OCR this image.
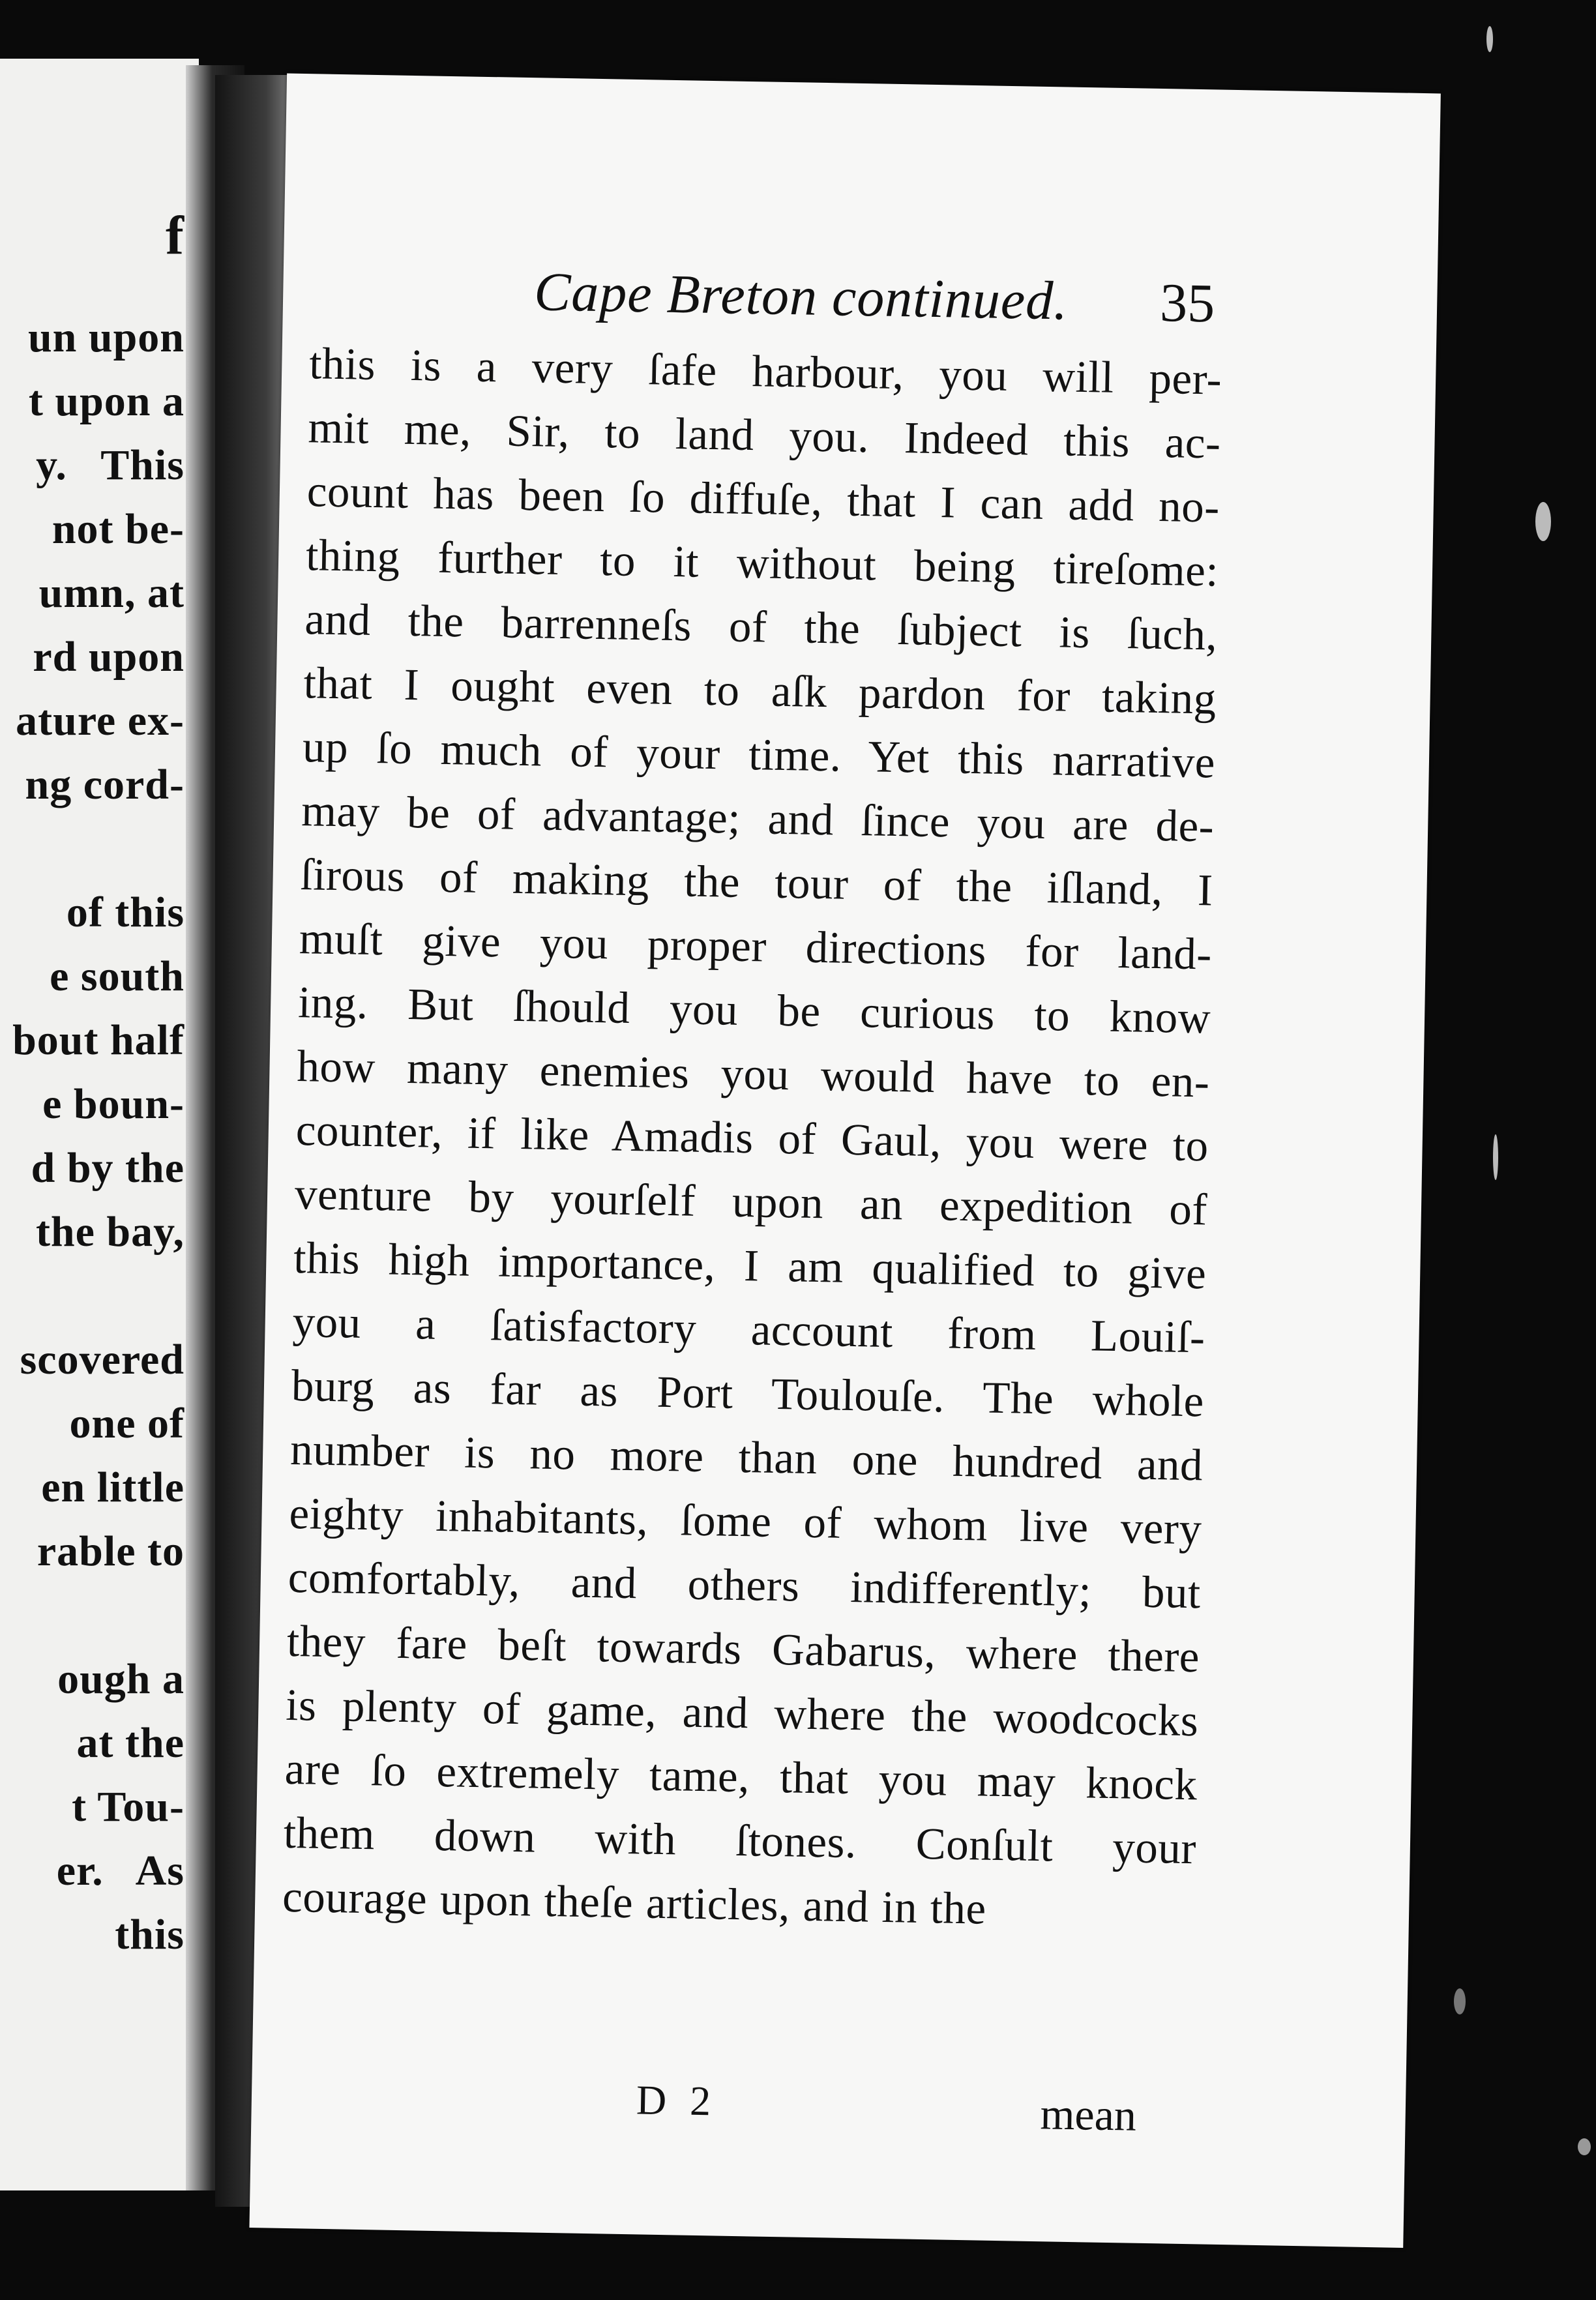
f
un upon
t upon a
y.   This
not be-
umn, at
rd upon
ature ex-
ng cord-
of this
e south
bout half
e boun-
d by the
the bay,
scovered
one of
en little
rable to
ough a
at the
t Tou-
er.   As
this
Cape Breton continued. 35
this is a very ſafe harbour, you will per-
mit me, Sir, to land you. Indeed this ac-
count has been ſo diffuſe, that I can add no-
thing further to it without being tireſome:
and the barrenneſs of the ſubject is ſuch,
that I ought even to aſk pardon for taking
up ſo much of your time. Yet this narrative
may be of advantage; and ſince you are de-
ſirous of making the tour of the iſland, I
muſt give you proper directions for land-
ing. But ſhould you be curious to know
how many enemies you would have to en-
counter, if like Amadis of Gaul, you were to
venture by yourſelf upon an expedition of
this high importance, I am qualified to give
you a ſatisfactory account from Louiſ-
burg as far as Port Toulouſe. The whole
number is no more than one hundred and
eighty inhabitants, ſome of whom live very
comfortably, and others indifferently; but
they fare beſt towards Gabarus, where there
is plenty of game, and where the woodcocks
are ſo extremely tame, that you may knock
them down with ſtones. Conſult your
courage upon theſe articles, and in the
D 2	mean
